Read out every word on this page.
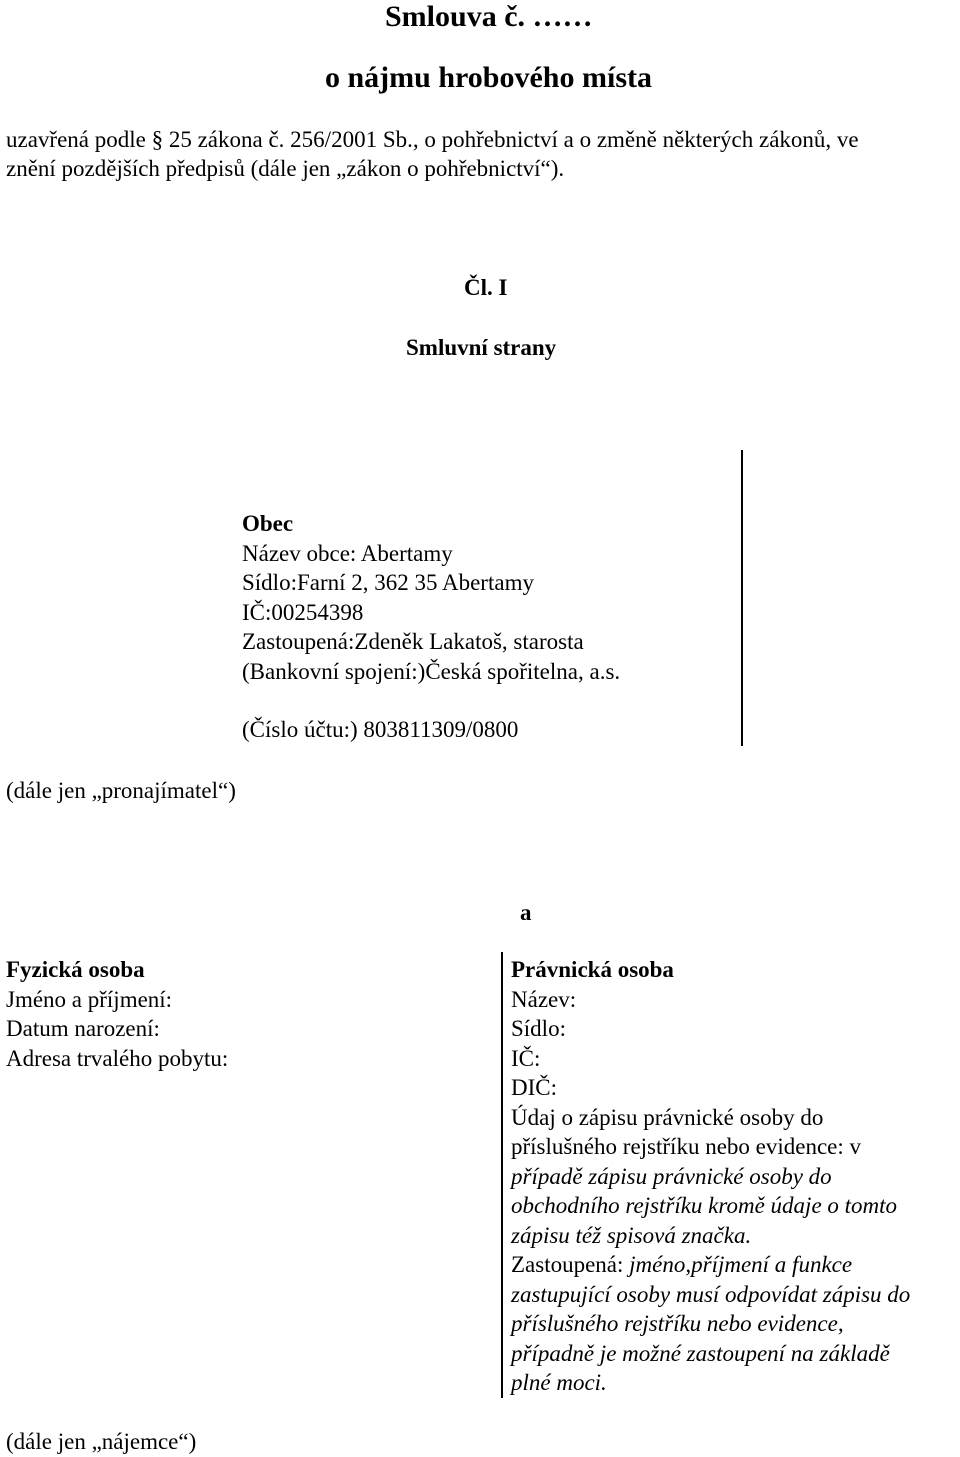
Smlouva č. ……
o nájmu hrobového místa
uzavřená podle § 25 zákona č. 256/2001 Sb., o pohřebnictví a o změně některých zákonů, ve
znění pozdějších předpisů (dále jen „zákon o pohřebnictví“).
Čl. I
Smluvní strany
Obec
Název obce: Abertamy
Sídlo:Farní 2, 362 35 Abertamy
IČ:00254398
Zastoupená:Zdeněk Lakatoš, starosta
(Bankovní spojení:)Česká spořitelna, a.s.
(Číslo účtu:) 803811309/0800
(dále jen „pronajímatel“)
a
Fyzická osoba
Jméno a příjmení:
Datum narození:
Adresa trvalého pobytu:
(dále jen „nájemce“)
Právnická osoba
Název:
Sídlo:
IČ:
DIČ:
Údaj o zápisu právnické osoby do
příslušného rejstříku nebo evidence: v
případě zápisu právnické osoby do
obchodního rejstříku kromě údaje o tomto
zápisu též spisová značka.
Zastoupená: jméno,příjmení a funkce
zastupující osoby musí odpovídat zápisu do
příslušného rejstříku nebo evidence,
případně je možné zastoupení na základě
plné moci.
